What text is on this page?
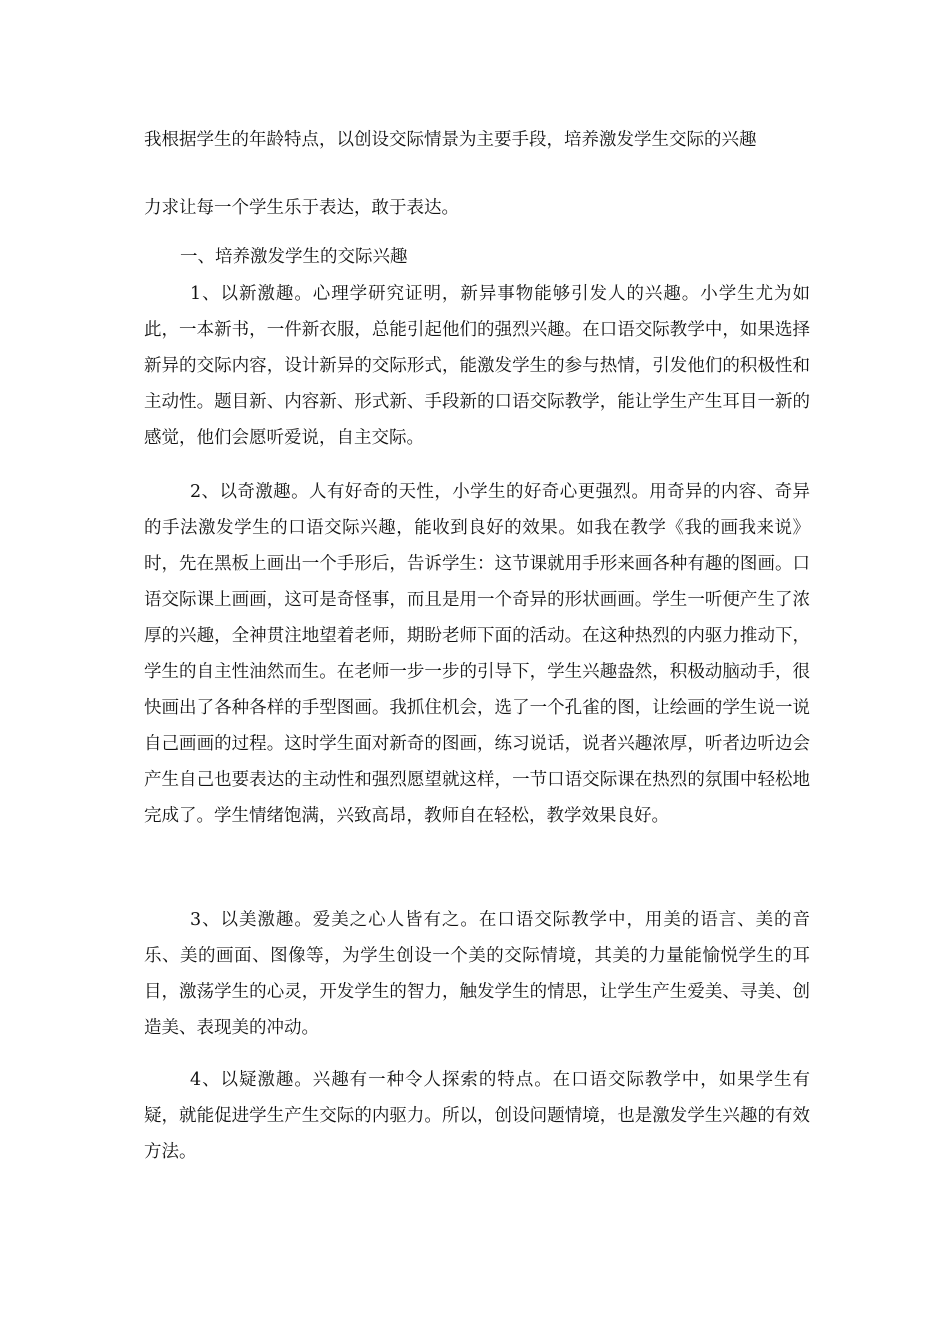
我根据学生的年龄特点，以创设交际情景为主要手段，培养激发学生交际的兴趣
力求让每一个学生乐于表达，敢于表达。
一、培养激发学生的交际兴趣

1、以新激趣。心理学研究证明，新异事物能够引发人的兴趣。小学生尤为如此，一本新书，一件新衣服，总能引起他们的强烈兴趣。在口语交际教学中，如果选择新异的交际内容，设计新异的交际形式，能激发学生的参与热情，引发他们的积极性和主动性。题目新、内容新、形式新、手段新的口语交际教学，能让学生产生耳目一新的感觉，他们会愿听爱说，自主交际。

2、以奇激趣。人有好奇的天性，小学生的好奇心更强烈。用奇异的内容、奇异的手法激发学生的口语交际兴趣，能收到良好的效果。如我在教学《我的画我来说》时，先在黑板上画出一个手形后，告诉学生：这节课就用手形来画各种有趣的图画。口语交际课上画画，这可是奇怪事，而且是用一个奇异的形状画画。学生一听便产生了浓厚的兴趣，全神贯注地望着老师，期盼老师下面的活动。在这种热烈的内驱力推动下，学生的自主性油然而生。在老师一步一步的引导下，学生兴趣盎然，积极动脑动手，很快画出了各种各样的手型图画。我抓住机会，选了一个孔雀的图，让绘画的学生说一说自己画画的过程。这时学生面对新奇的图画，练习说话，说者兴趣浓厚，听者边听边会产生自己也要表达的主动性和强烈愿望就这样，一节口语交际课在热烈的氛围中轻松地完成了。学生情绪饱满，兴致高昂，教师自在轻松，教学效果良好。

3、以美激趣。爱美之心人皆有之。在口语交际教学中，用美的语言、美的音乐、美的画面、图像等，为学生创设一个美的交际情境，其美的力量能愉悦学生的耳目，激荡学生的心灵，开发学生的智力，触发学生的情思，让学生产生爱美、寻美、创造美、表现美的冲动。

4、以疑激趣。兴趣有一种令人探索的特点。在口语交际教学中，如果学生有疑，就能促进学生产生交际的内驱力。所以，创设问题情境，也是激发学生兴趣的有效方法。
